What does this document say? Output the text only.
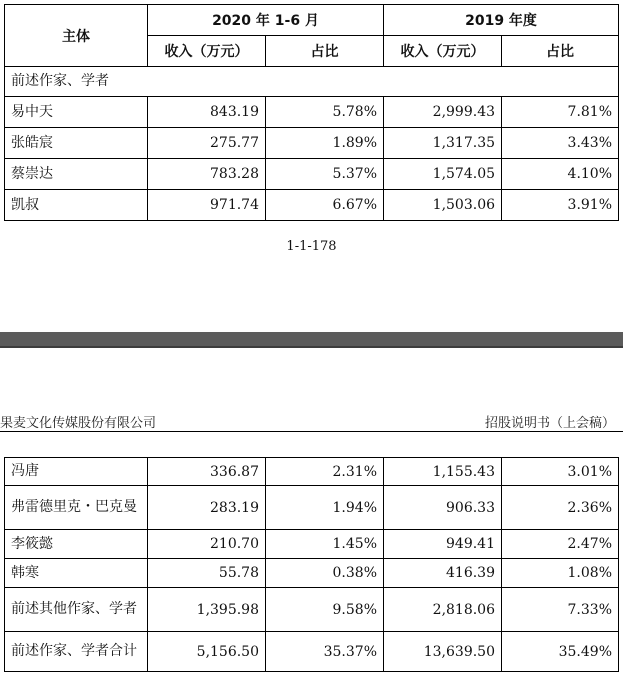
主体	2020 年 1-6 月		2019 年度	
	收入（万元）	占比	收入（万元）	占比
前述作家、学者				
易中天	843.19	5.78%	2,999.43	7.81%
张皓宸	275.77	1.89%	1,317.35	3.43%
蔡崇达	783.28	5.37%	1,574.05	4.10%
凯叔	971.74	6.67%	1,503.06	3.91%
1-1-178
果麦文化传媒股份有限公司	招股说明书（上会稿）
冯唐	336.87	2.31%	1,155.43	3.01%
弗雷德里克・巴克曼	283.19	1.94%	906.33	2.36%
李筱懿	210.70	1.45%	949.41	2.47%
韩寒	55.78	0.38%	416.39	1.08%
前述其他作家、学者	1,395.98	9.58%	2,818.06	7.33%
前述作家、学者合计	5,156.50	35.37%	13,639.50	35.49%
